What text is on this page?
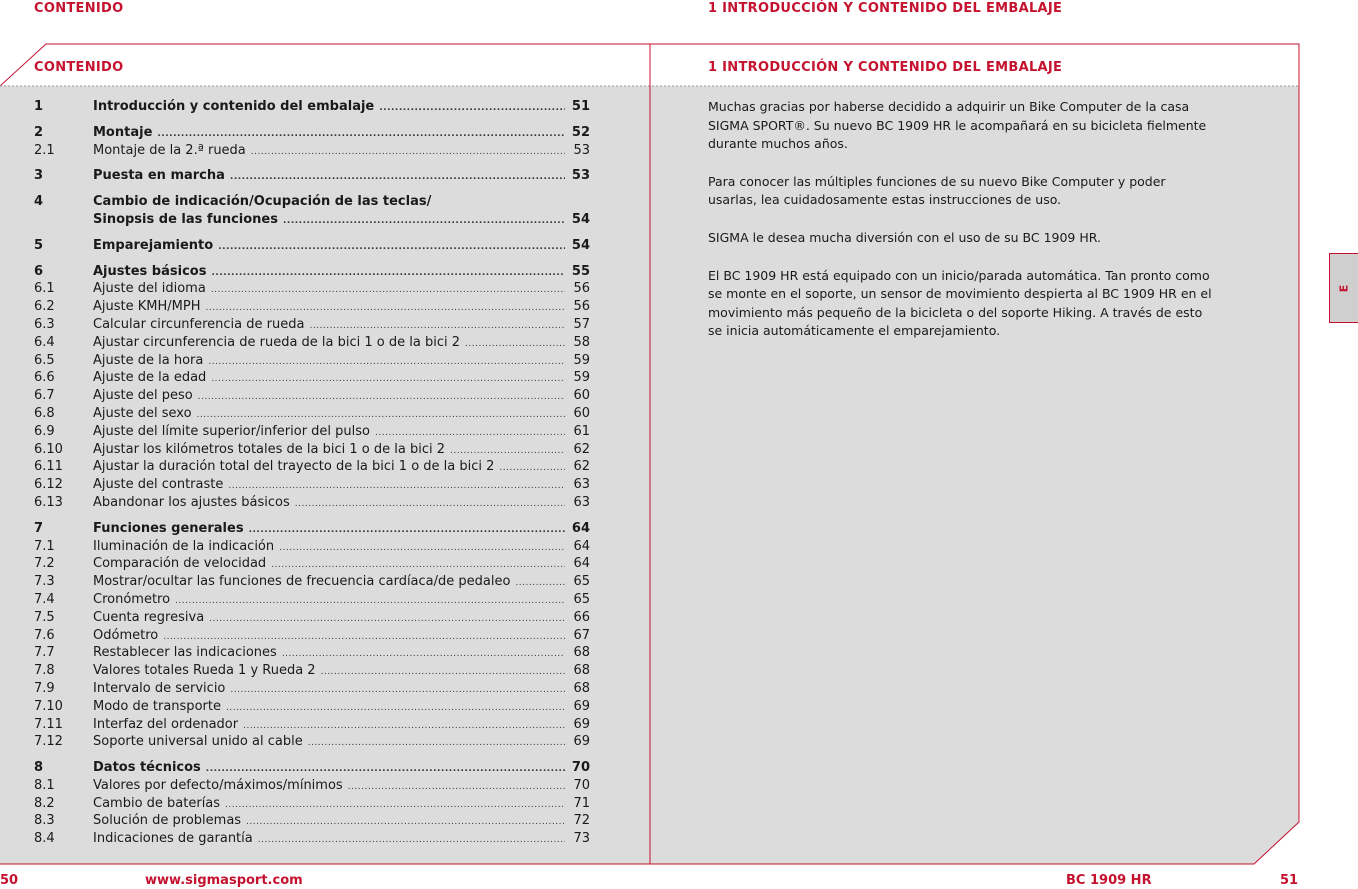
CONTENIDO	1 INTRODUCCIÓN Y CONTENIDO DEL EMBALAJE
CONTENIDO	1 INTRODUCCIÓN Y CONTENIDO DEL EMBALAJE
1	Introducción y contenido del embalaje .....	51
2	Montaje .....	52
2.1	Montaje de la 2.ª rueda .....	53
3	Puesta en marcha .....	53
4	Cambio de indicación/Ocupación de las teclas/
Sinopsis de las funciones .....	54
5	Emparejamiento .....	54
6	Ajustes básicos .....	55
6.1	Ajuste del idioma .....	56
6.2	Ajuste KMH/MPH .....	56
6.3	Calcular circunferencia de rueda .....	57
6.4	Ajustar circunferencia de rueda de la bici 1 o de la bici 2 .....	58
6.5	Ajuste de la hora .....	59
6.6	Ajuste de la edad .....	59
6.7	Ajuste del peso .....	60
6.8	Ajuste del sexo .....	60
6.9	Ajuste del límite superior/inferior del pulso .....	61
6.10	Ajustar los kilómetros totales de la bici 1 o de la bici 2 .....	62
6.11	Ajustar la duración total del trayecto de la bici 1 o de la bici 2 .....	62
6.12	Ajuste del contraste .....	63
6.13	Abandonar los ajustes básicos .....	63
7	Funciones generales .....	64
7.1	Iluminación de la indicación .....	64
7.2	Comparación de velocidad .....	64
7.3	Mostrar/ocultar las funciones de frecuencia cardíaca/de pedaleo .....	65
7.4	Cronómetro .....	65
7.5	Cuenta regresiva .....	66
7.6	Odómetro .....	67
7.7	Restablecer las indicaciones .....	68
7.8	Valores totales Rueda 1 y Rueda 2 .....	68
7.9	Intervalo de servicio .....	68
7.10	Modo de transporte .....	69
7.11	Interfaz del ordenador .....	69
7.12	Soporte universal unido al cable .....	69
8	Datos técnicos .....	70
8.1	Valores por defecto/máximos/mínimos .....	70
8.2	Cambio de baterías .....	71
8.3	Solución de problemas .....	72
8.4	Indicaciones de garantía .....	73

Muchas gracias por haberse decidido a adquirir un Bike Computer de la casa SIGMA SPORT®. Su nuevo BC 1909 HR le acompañará en su bicicleta fielmente durante muchos años.

Para conocer las múltiples funciones de su nuevo Bike Computer y poder usarlas, lea cuidadosamente estas instrucciones de uso.

SIGMA le desea mucha diversión con el uso de su BC 1909 HR.

El BC 1909 HR está equipado con un inicio/parada automática. Tan pronto como se monte en el soporte, un sensor de movimiento despierta al BC 1909 HR en el movimiento más pequeño de la bicicleta o del soporte Hiking. A través de esto se inicia automáticamente el emparejamiento.

E
50	www.sigmasport.com	BC 1909 HR	51
